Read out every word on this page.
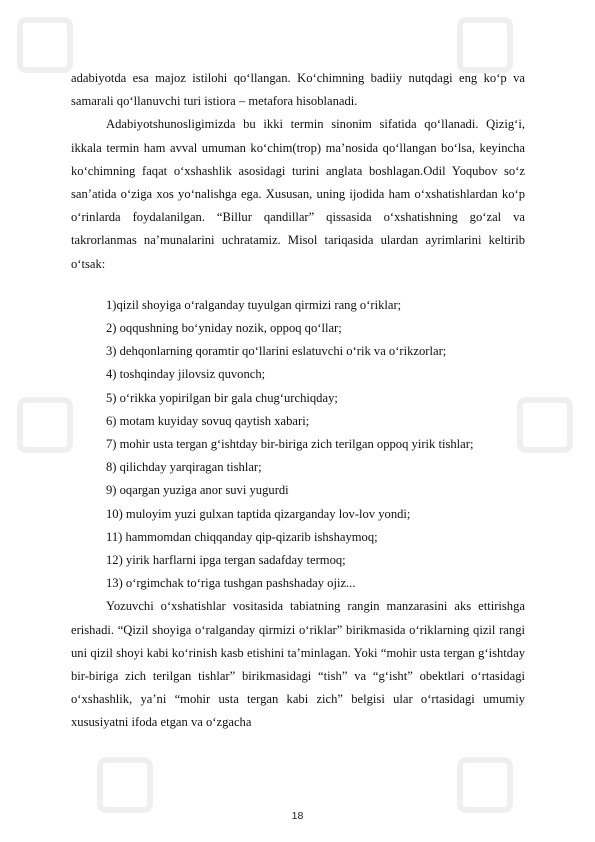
adabiyotda esa majoz istilohi qo‘llangan. Ko‘chimning badiiy nutqdagi eng ko‘p va samarali qo‘llanuvchi turi istiora – metafora hisoblanadi.

Adabiyotshunosligimizda bu ikki termin sinonim sifatida qo‘llanadi. Qizig‘i, ikkala termin ham avval umuman ko‘chim(trop) ma’nosida qo‘llangan bo‘lsa, keyincha ko‘chimning faqat o‘xshashlik asosidagi turini anglata boshlagan.Odil Yoqubov so‘z san’atida o‘ziga xos yo‘nalishga ega. Xususan, uning ijodida ham o‘xshatishlardan ko‘p o‘rinlarda foydalanilgan. “Billur qandillar” qissasida o‘xshatishning go‘zal va takrorlanmas na’munalarini uchratamiz. Misol tariqasida ulardan ayrimlarini keltirib o‘tsak:

1)qizil shoyiga o‘ralganday tuyulgan qirmizi rang o‘riklar;

2) oqqushning bo‘yniday nozik, oppoq qo‘llar;

3) dehqonlarning qoramtir qo‘llarini eslatuvchi o‘rik va o‘rikzorlar;

4) toshqinday jilovsiz quvonch;

5) o‘rikka yopirilgan bir gala chug‘urchiqday;

6) motam kuyiday sovuq qaytish xabari;

7) mohir usta tergan g‘ishtday bir-biriga zich terilgan oppoq yirik tishlar;

8) qilichday yarqiragan tishlar;

9) oqargan yuziga anor suvi yugurdi

10) muloyim yuzi gulxan taptida qizarganday lov-lov yondi;

11) hammomdan chiqqanday qip-qizarib ishshaymoq;

12) yirik harflarni ipga tergan sadafday termoq;

13) o‘rgimchak to‘riga tushgan pashshaday ojiz...

Yozuvchi o‘xshatishlar vositasida tabiatning rangin manzarasini aks ettirishga erishadi. “Qizil shoyiga o‘ralganday qirmizi o‘riklar” birikmasida o‘riklarning qizil rangi uni qizil shoyi kabi ko‘rinish kasb etishini ta’minlagan. Yoki “mohir usta tergan g‘ishtday bir-biriga zich terilgan tishlar” birikmasidagi “tish” va “g‘isht” obektlari o‘rtasidagi o‘xshashlik, ya’ni “mohir usta tergan kabi zich” belgisi ular o‘rtasidagi umumiy xususiyatni ifoda etgan va o‘zgacha

18
